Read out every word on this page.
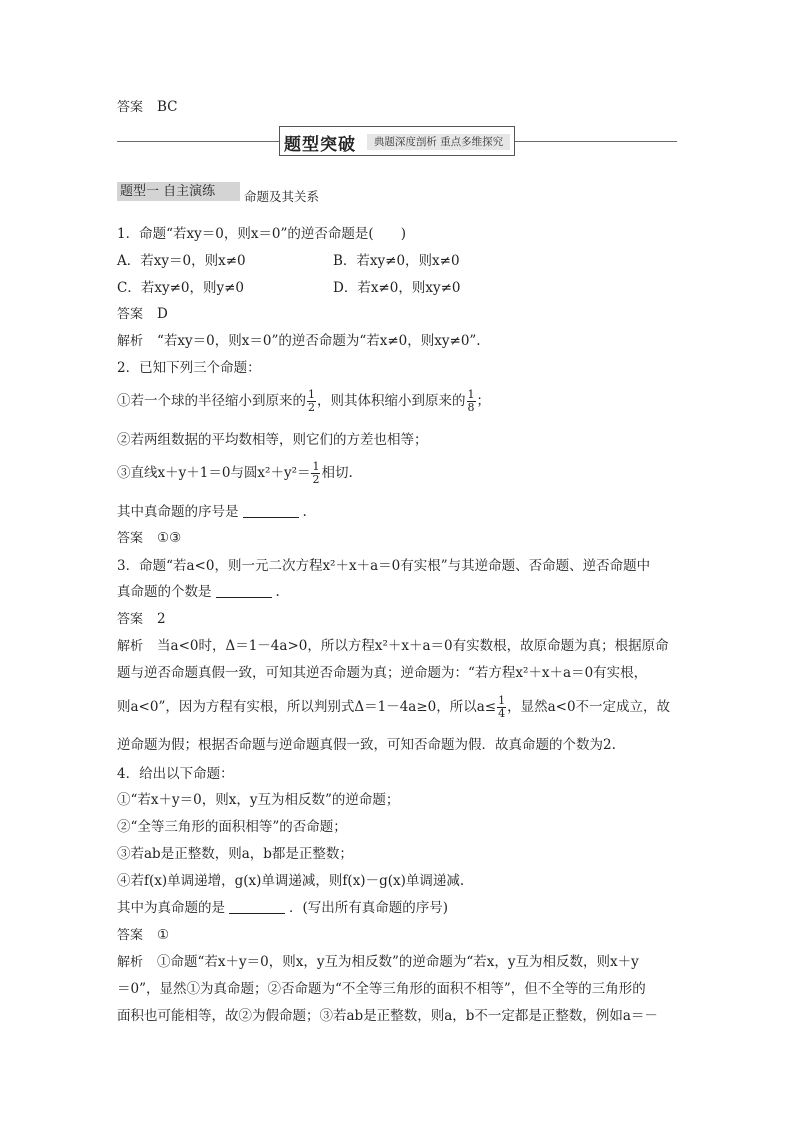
答案 BC
题型突破	典题深度剖析 重点多维探究
题型一 自主演练	命题及其关系
1．命题“若xy＝0，则x＝0”的逆否命题是(　　)
A．若xy＝0，则x≠0	B．若xy≠0，则x≠0
C．若xy≠0，则y≠0	D．若x≠0，则xy≠0
答案 D
解析 “若xy＝0，则x＝0”的逆否命题为“若x≠0，则xy≠0”.
2．已知下列三个命题：
①若一个球的半径缩小到原来的 $\frac{1}{2}$ ，则其体积缩小到原来的 $\frac{1}{8}$ ；
②若两组数据的平均数相等，则它们的方差也相等；
③直线x＋y＋1＝0与圆$x^2+y^2= \frac{1}{2}$ 相切.
其中真命题的序号是	.
答案 ①③
3．命题“若a<0，则一元二次方程x²＋x＋a＝0有实根”与其逆命题、否命题、逆否命题中
真命题的个数是	.
答案 2
解析 当a<0时，Δ＝1－4a>0，所以方程x²＋x＋a＝0有实数根，故原命题为真；根据原命
题与逆否命题真假一致，可知其逆否命题为真；逆命题为：“若方程x²＋x＋a＝0有实根，
则a<0”，因为方程有实根，所以判别式Δ＝1－4a≥0，所以$a\le \frac{1}{4}$ ，显然a<0不一定成立，故
逆命题为假；根据否命题与逆命题真假一致，可知否命题为假．故真命题的个数为2.
4．给出以下命题：
①“若x＋y＝0，则x，y互为相反数”的逆命题；
②“全等三角形的面积相等”的否命题；
③若ab是正整数，则a，b都是正整数；
④若f(x)单调递增，g(x)单调递减，则f(x)－g(x)单调递减.
其中为真命题的是	．(写出所有真命题的序号)
答案 ①
解析 ①命题“若x＋y＝0，则x，y互为相反数”的逆命题为“若x，y互为相反数，则x＋y
＝0”，显然①为真命题；②否命题为“不全等三角形的面积不相等”，但不全等的三角形的
面积也可能相等，故②为假命题；③若ab是正整数，则a，b不一定都是正整数，例如a＝－
